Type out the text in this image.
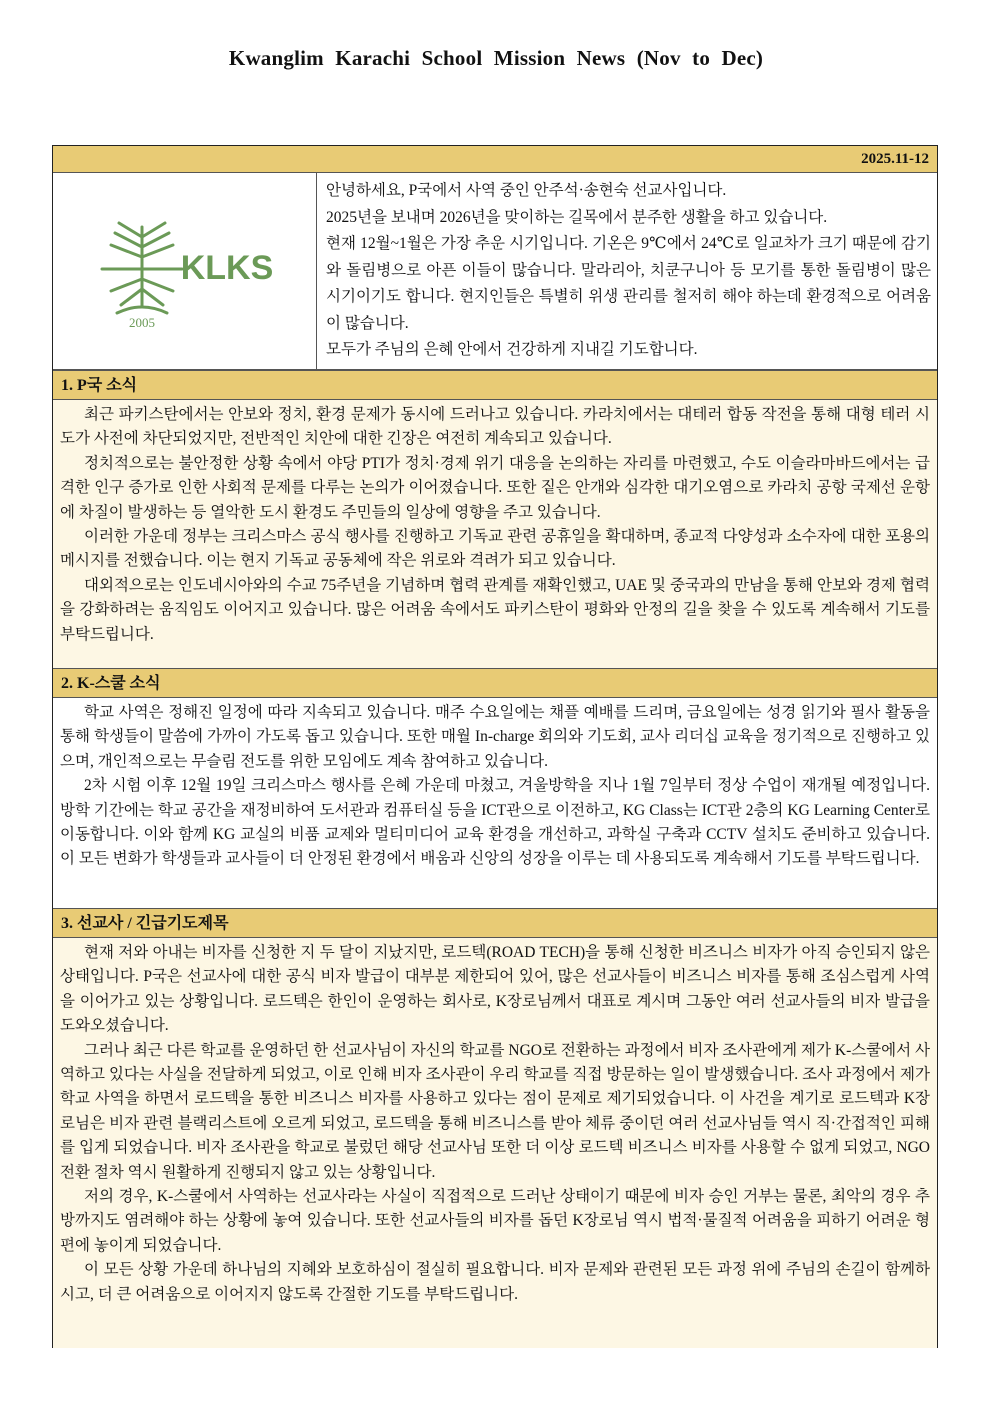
Kwanglim Karachi School Mission News (Nov to Dec)
2025.11-12
KLKS
2005

안녕하세요, P국에서 사역 중인 안주석·송현숙 선교사입니다.

2025년을 보내며 2026년을 맞이하는 길목에서 분주한 생활을 하고 있습니다.

현재 12월~1월은 가장 추운 시기입니다. 기온은 9℃에서 24℃로 일교차가 크기 때문에 감기와 돌림병으로 아픈 이들이 많습니다. 말라리아, 치쿤구니아 등 모기를 통한 돌림병이 많은 시기이기도 합니다. 현지인들은 특별히 위생 관리를 철저히 해야 하는데 환경적으로 어려움이 많습니다.

모두가 주님의 은혜 안에서 건강하게 지내길 기도합니다.

1. P국 소식

최근 파키스탄에서는 안보와 정치, 환경 문제가 동시에 드러나고 있습니다. 카라치에서는 대테러 합동 작전을 통해 대형 테러 시도가 사전에 차단되었지만, 전반적인 치안에 대한 긴장은 여전히 계속되고 있습니다.

정치적으로는 불안정한 상황 속에서 야당 PTI가 정치·경제 위기 대응을 논의하는 자리를 마련했고, 수도 이슬라마바드에서는 급격한 인구 증가로 인한 사회적 문제를 다루는 논의가 이어졌습니다. 또한 짙은 안개와 심각한 대기오염으로 카라치 공항 국제선 운항에 차질이 발생하는 등 열악한 도시 환경도 주민들의 일상에 영향을 주고 있습니다.

이러한 가운데 정부는 크리스마스 공식 행사를 진행하고 기독교 관련 공휴일을 확대하며, 종교적 다양성과 소수자에 대한 포용의 메시지를 전했습니다. 이는 현지 기독교 공동체에 작은 위로와 격려가 되고 있습니다.

대외적으로는 인도네시아와의 수교 75주년을 기념하며 협력 관계를 재확인했고, UAE 및 중국과의 만남을 통해 안보와 경제 협력을 강화하려는 움직임도 이어지고 있습니다. 많은 어려움 속에서도 파키스탄이 평화와 안정의 길을 찾을 수 있도록 계속해서 기도를 부탁드립니다.

2. K-스쿨 소식

학교 사역은 정해진 일정에 따라 지속되고 있습니다. 매주 수요일에는 채플 예배를 드리며, 금요일에는 성경 읽기와 필사 활동을 통해 학생들이 말씀에 가까이 가도록 돕고 있습니다. 또한 매월 In-charge 회의와 기도회, 교사 리더십 교육을 정기적으로 진행하고 있으며, 개인적으로는 무슬림 전도를 위한 모임에도 계속 참여하고 있습니다.

2차 시험 이후 12월 19일 크리스마스 행사를 은혜 가운데 마쳤고, 겨울방학을 지나 1월 7일부터 정상 수업이 재개될 예정입니다. 방학 기간에는 학교 공간을 재정비하여 도서관과 컴퓨터실 등을 ICT관으로 이전하고, KG Class는 ICT관 2층의 KG Learning Center로 이동합니다. 이와 함께 KG 교실의 비품 교제와 멀티미디어 교육 환경을 개선하고, 과학실 구축과 CCTV 설치도 준비하고 있습니다. 이 모든 변화가 학생들과 교사들이 더 안정된 환경에서 배움과 신앙의 성장을 이루는 데 사용되도록 계속해서 기도를 부탁드립니다.

3. 선교사 / 긴급기도제목

현재 저와 아내는 비자를 신청한 지 두 달이 지났지만, 로드텍(ROAD TECH)을 통해 신청한 비즈니스 비자가 아직 승인되지 않은 상태입니다. P국은 선교사에 대한 공식 비자 발급이 대부분 제한되어 있어, 많은 선교사들이 비즈니스 비자를 통해 조심스럽게 사역을 이어가고 있는 상황입니다. 로드텍은 한인이 운영하는 회사로, K장로님께서 대표로 계시며 그동안 여러 선교사들의 비자 발급을 도와오셨습니다.

그러나 최근 다른 학교를 운영하던 한 선교사님이 자신의 학교를 NGO로 전환하는 과정에서 비자 조사관에게 제가 K-스쿨에서 사역하고 있다는 사실을 전달하게 되었고, 이로 인해 비자 조사관이 우리 학교를 직접 방문하는 일이 발생했습니다. 조사 과정에서 제가 학교 사역을 하면서 로드텍을 통한 비즈니스 비자를 사용하고 있다는 점이 문제로 제기되었습니다. 이 사건을 계기로 로드텍과 K장로님은 비자 관련 블랙리스트에 오르게 되었고, 로드텍을 통해 비즈니스를 받아 체류 중이던 여러 선교사님들 역시 직·간접적인 피해를 입게 되었습니다. 비자 조사관을 학교로 불렀던 해당 선교사님 또한 더 이상 로드텍 비즈니스 비자를 사용할 수 없게 되었고, NGO 전환 절차 역시 원활하게 진행되지 않고 있는 상황입니다.

저의 경우, K-스쿨에서 사역하는 선교사라는 사실이 직접적으로 드러난 상태이기 때문에 비자 승인 거부는 물론, 최악의 경우 추방까지도 염려해야 하는 상황에 놓여 있습니다. 또한 선교사들의 비자를 돕던 K장로님 역시 법적·물질적 어려움을 피하기 어려운 형편에 놓이게 되었습니다.

이 모든 상황 가운데 하나님의 지혜와 보호하심이 절실히 필요합니다. 비자 문제와 관련된 모든 과정 위에 주님의 손길이 함께하시고, 더 큰 어려움으로 이어지지 않도록 간절한 기도를 부탁드립니다.
